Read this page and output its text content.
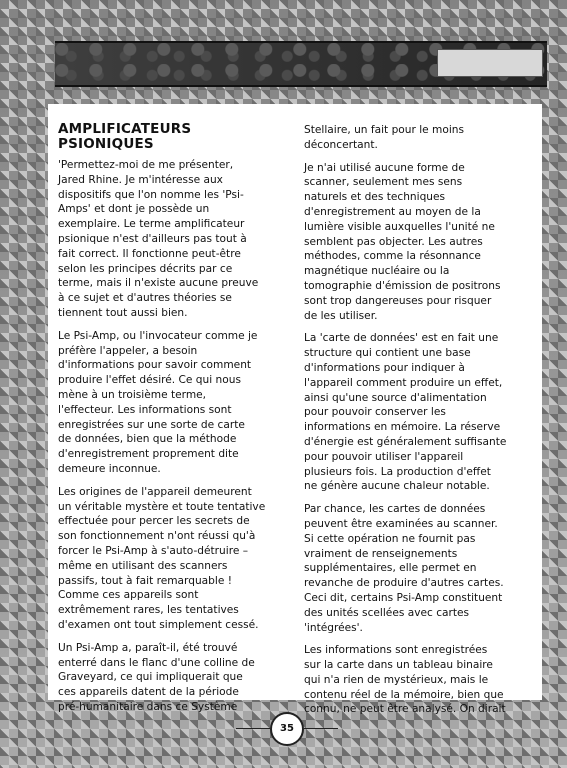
AMPLIFICATEURS
PSIONIQUES

'Permettez-moi de me présenter,
Jared Rhine. Je m'intéresse aux
dispositifs que l'on nomme les 'Psi-
Amps' et dont je possède un
exemplaire. Le terme amplificateur
psionique n'est d'ailleurs pas tout à
fait correct. Il fonctionne peut-être
selon les principes décrits par ce
terme, mais il n'existe aucune preuve
à ce sujet et d'autres théories se
tiennent tout aussi bien.

Le Psi-Amp, ou l'invocateur comme je
préfère l'appeler, a besoin
d'informations pour savoir comment
produire l'effet désiré. Ce qui nous
mène à un troisième terme,
l'effecteur. Les informations sont
enregistrées sur une sorte de carte
de données, bien que la méthode
d'enregistrement proprement dite
demeure inconnue.

Les origines de l'appareil demeurent
un véritable mystère et toute tentative
effectuée pour percer les secrets de
son fonctionnement n'ont réussi qu'à
forcer le Psi-Amp à s'auto-détruire –
même en utilisant des scanners
passifs, tout à fait remarquable !
Comme ces appareils sont
extrêmement rares, les tentatives
d'examen ont tout simplement cessé.

Un Psi-Amp a, paraît-il, été trouvé
enterré dans le flanc d'une colline de
Graveyard, ce qui impliquerait que
ces appareils datent de la période
pré-humanitaire dans ce Système

Stellaire, un fait pour le moins
déconcertant.

Je n'ai utilisé aucune forme de
scanner, seulement mes sens
naturels et des techniques
d'enregistrement au moyen de la
lumière visible auxquelles l'unité ne
semblent pas objecter. Les autres
méthodes, comme la résonnance
magnétique nucléaire ou la
tomographie d'émission de positrons
sont trop dangereuses pour risquer
de les utiliser.

La 'carte de données' est en fait une
structure qui contient une base
d'informations pour indiquer à
l'appareil comment produire un effet,
ainsi qu'une source d'alimentation
pour pouvoir conserver les
informations en mémoire. La réserve
d'énergie est généralement suffisante
pour pouvoir utiliser l'appareil
plusieurs fois. La production d'effet
ne génère aucune chaleur notable.

Par chance, les cartes de données
peuvent être examinées au scanner.
Si cette opération ne fournit pas
vraiment de renseignements
supplémentaires, elle permet en
revanche de produire d'autres cartes.
Ceci dit, certains Psi-Amp constituent
des unités scellées avec cartes
'intégrées'.

Les informations sont enregistrées
sur la carte dans un tableau binaire
qui n'a rien de mystérieux, mais le
contenu réel de la mémoire, bien que
connu, ne peut être analysé. On dirait

35
